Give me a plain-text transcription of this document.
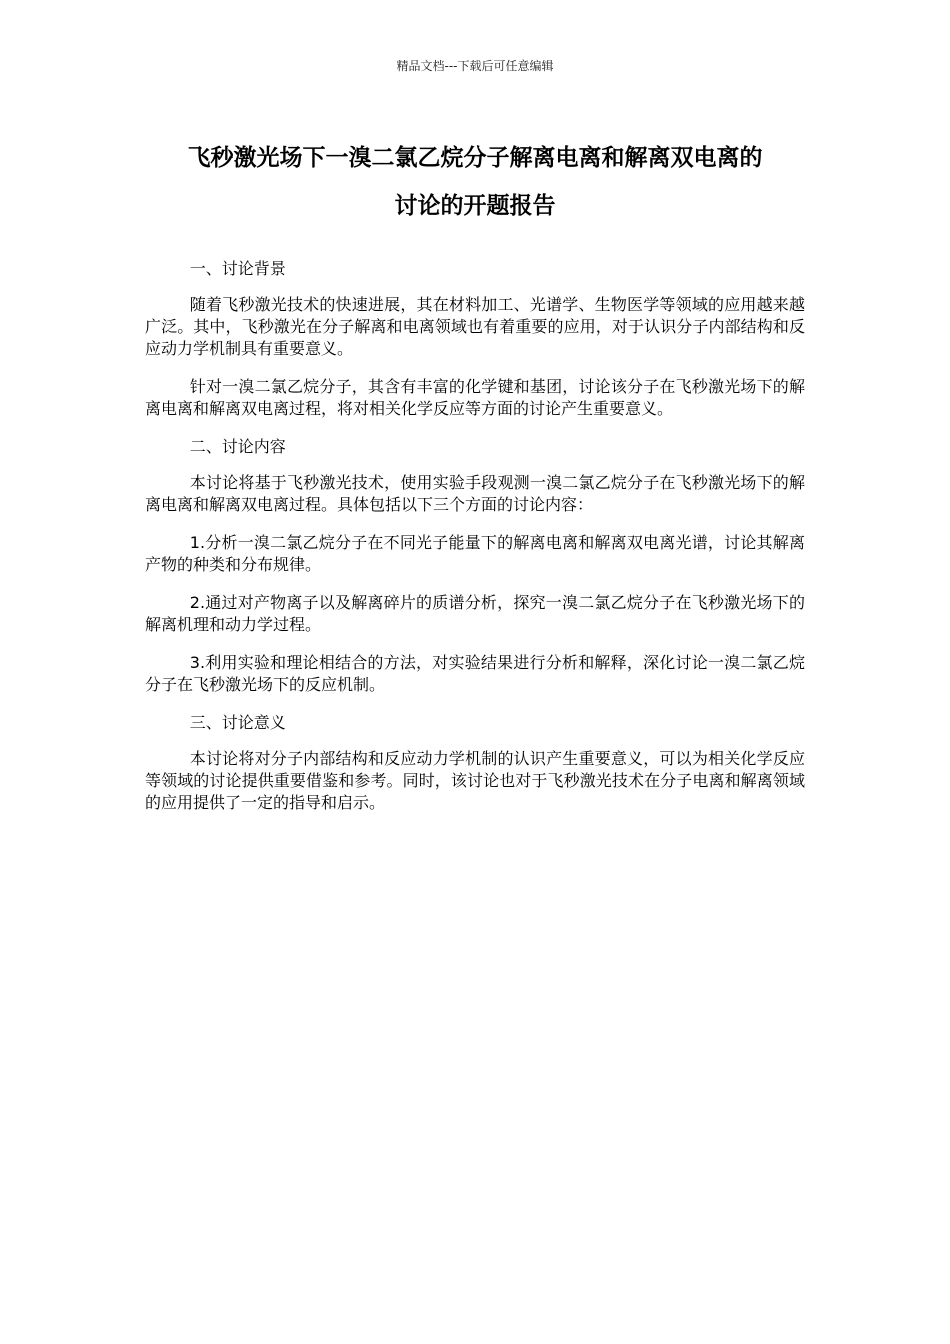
精品文档---下载后可任意编辑
飞秒激光场下一溴二氯乙烷分子解离电离和解离双电离的
讨论的开题报告

一、讨论背景

随着飞秒激光技术的快速进展，其在材料加工、光谱学、生物医学等领域的应用越来越广泛。其中，飞秒激光在分子解离和电离领域也有着重要的应用，对于认识分子内部结构和反应动力学机制具有重要意义。

针对一溴二氯乙烷分子，其含有丰富的化学键和基团，讨论该分子在飞秒激光场下的解离电离和解离双电离过程，将对相关化学反应等方面的讨论产生重要意义。

二、讨论内容

本讨论将基于飞秒激光技术，使用实验手段观测一溴二氯乙烷分子在飞秒激光场下的解离电离和解离双电离过程。具体包括以下三个方面的讨论内容：

1.分析一溴二氯乙烷分子在不同光子能量下的解离电离和解离双电离光谱，讨论其解离产物的种类和分布规律。

2.通过对产物离子以及解离碎片的质谱分析，探究一溴二氯乙烷分子在飞秒激光场下的解离机理和动力学过程。

3.利用实验和理论相结合的方法，对实验结果进行分析和解释，深化讨论一溴二氯乙烷分子在飞秒激光场下的反应机制。

三、讨论意义

本讨论将对分子内部结构和反应动力学机制的认识产生重要意义，可以为相关化学反应等领域的讨论提供重要借鉴和参考。同时，该讨论也对于飞秒激光技术在分子电离和解离领域的应用提供了一定的指导和启示。
